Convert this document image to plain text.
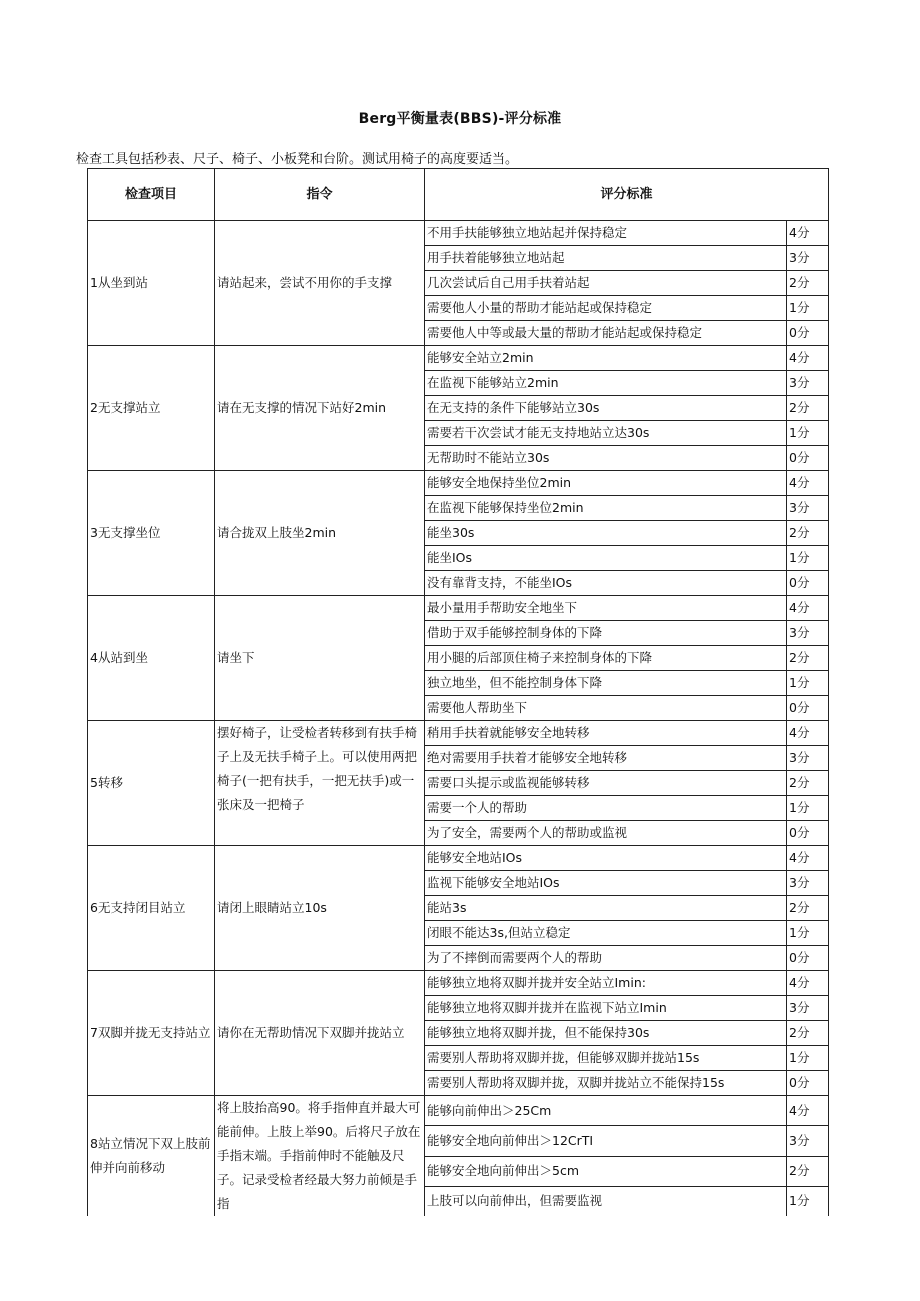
Berg平衡量表(BBS)-评分标准
检查工具包括秒表、尺子、椅子、小板凳和台阶。测试用椅子的高度要适当。
检查项目	指令	评分标准	
1从坐到站	请站起来，尝试不用你的手支撑	不用手扶能够独立地站起并保持稳定	4分
		用手扶着能够独立地站起	3分
		几次尝试后自己用手扶着站起	2分
		需要他人小量的帮助才能站起或保持稳定	1分
		需要他人中等或最大量的帮助才能站起或保持稳定	0分
2无支撑站立	请在无支撑的情况下站好2min	能够安全站立2min	4分
		在监视下能够站立2min	3分
		在无支持的条件下能够站立30s	2分
		需要若干次尝试才能无支持地站立达30s	1分
		无帮助时不能站立30s	0分
3无支撑坐位	请合拢双上肢坐2min	能够安全地保持坐位2min	4分
		在监视下能够保持坐位2min	3分
		能坐30s	2分
		能坐IOs	1分
		没有靠背支持，不能坐IOs	0分
4从站到坐	请坐下	最小量用手帮助安全地坐下	4分
		借助于双手能够控制身体的下降	3分
		用小腿的后部顶住椅子来控制身体的下降	2分
		独立地坐，但不能控制身体下降	1分
		需要他人帮助坐下	0分
5转移	摆好椅子，让受检者转移到有扶手椅子上及无扶手椅子上。可以使用两把椅子(一把有扶手，一把无扶手)或一张床及一把椅子	稍用手扶着就能够安全地转移	4分
		绝对需要用手扶着才能够安全地转移	3分
		需要口头提示或监视能够转移	2分
		需要一个人的帮助	1分
		为了安全，需要两个人的帮助或监视	0分
6无支持闭目站立	请闭上眼睛站立10s	能够安全地站IOs	4分
		监视下能够安全地站IOs	3分
		能站3s	2分
		闭眼不能达3s,但站立稳定	1分
		为了不摔倒而需要两个人的帮助	0分
7双脚并拢无支持站立	请你在无帮助情况下双脚并拢站立	能够独立地将双脚并拢并安全站立Imin:	4分
		能够独立地将双脚并拢并在监视下站立Imin	3分
		能够独立地将双脚并拢，但不能保持30s	2分
		需要别人帮助将双脚并拢，但能够双脚并拢站15s	1分
		需要别人帮助将双脚并拢，双脚并拢站立不能保持15s	0分
8站立情况下双上肢前伸并向前移动	将上肢抬高90。将手指伸直并最大可能前伸。上肢上举90。后将尺子放在手指末端。手指前伸时不能触及尺子。记录受检者经最大努力前倾是手指	能够向前伸出＞25Cm	4分
		能够安全地向前伸出＞12CrTI	3分
		能够安全地向前伸出＞5cm	2分
		上肢可以向前伸出，但需要监视	1分
